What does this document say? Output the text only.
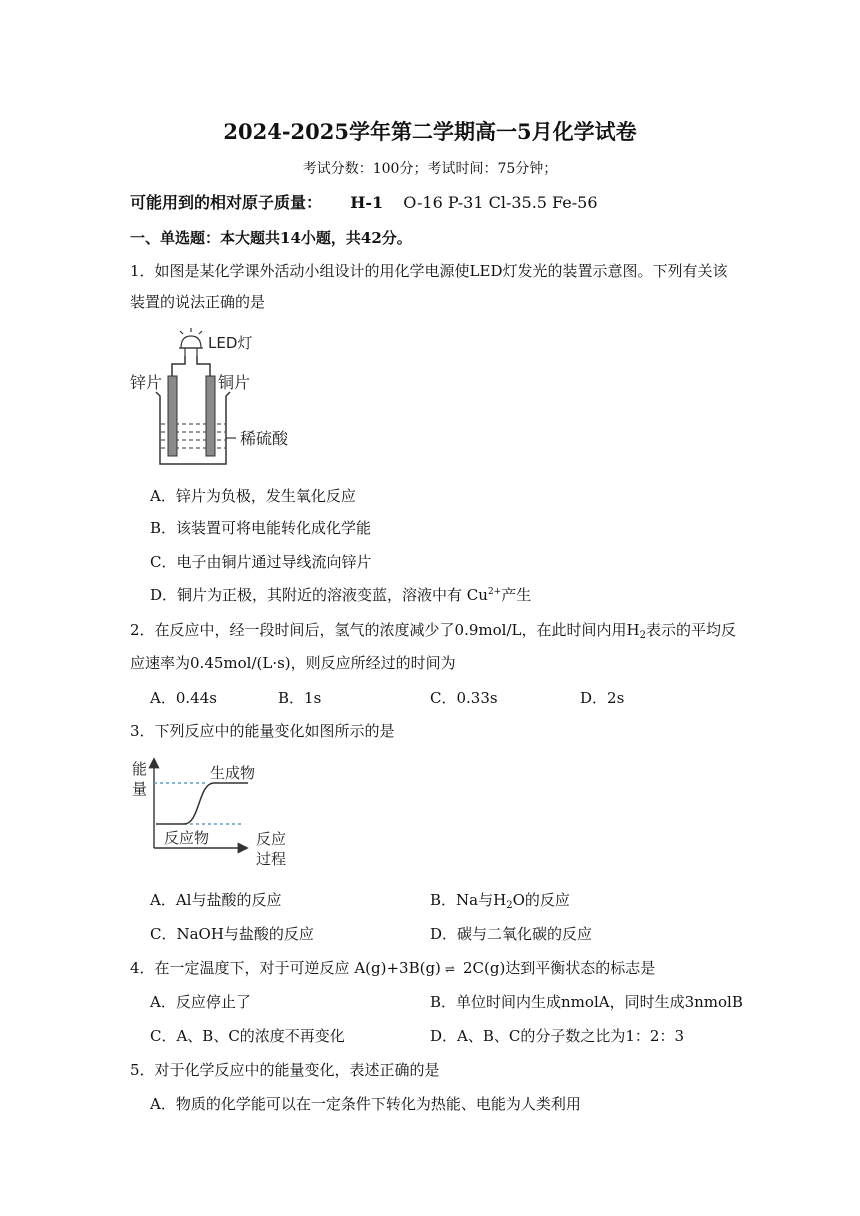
2024-2025学年第二学期高一5月化学试卷
考试分数：100分；考试时间：75分钟；
可能用到的相对原子质量： H-1 O-16 P-31 Cl-35.5 Fe-56
一、单选题：本大题共14小题，共42分。
1．如图是某化学课外活动小组设计的用化学电源使LED灯发光的装置示意图。下列有关该
装置的说法正确的是
LED灯
锌片	铜片
稀硫酸
A．锌片为负极，发生氧化反应
B．该装置可将电能转化成化学能
C．电子由铜片通过导线流向锌片
D．铜片为正极，其附近的溶液变蓝，溶液中有 $Cu^{2+}$产生
2．在反应中，经一段时间后，氢气的浓度减少了0.9mol/L，在此时间内用$H_2$表示的平均反
应速率为0.45mol/(L·s)，则反应所经过的时间为
A．0.44s	B．1s	C．0.33s	D．2s
3．下列反应中的能量变化如图所示的是
能
量
生成物
反应物	反应
过程
A．Al与盐酸的反应	B．Na与$H_2O$的反应
C．NaOH与盐酸的反应	D．碳与二氧化碳的反应
4．在一定温度下，对于可逆反应 A(g)+3B(g) ⇌ 2C(g)达到平衡状态的标志是
A．反应停止了	B．单位时间内生成nmolA，同时生成3nmolB
C．A、B、C的浓度不再变化	D．A、B、C的分子数之比为1：2：3
5．对于化学反应中的能量变化，表述正确的是
A．物质的化学能可以在一定条件下转化为热能、电能为人类利用
